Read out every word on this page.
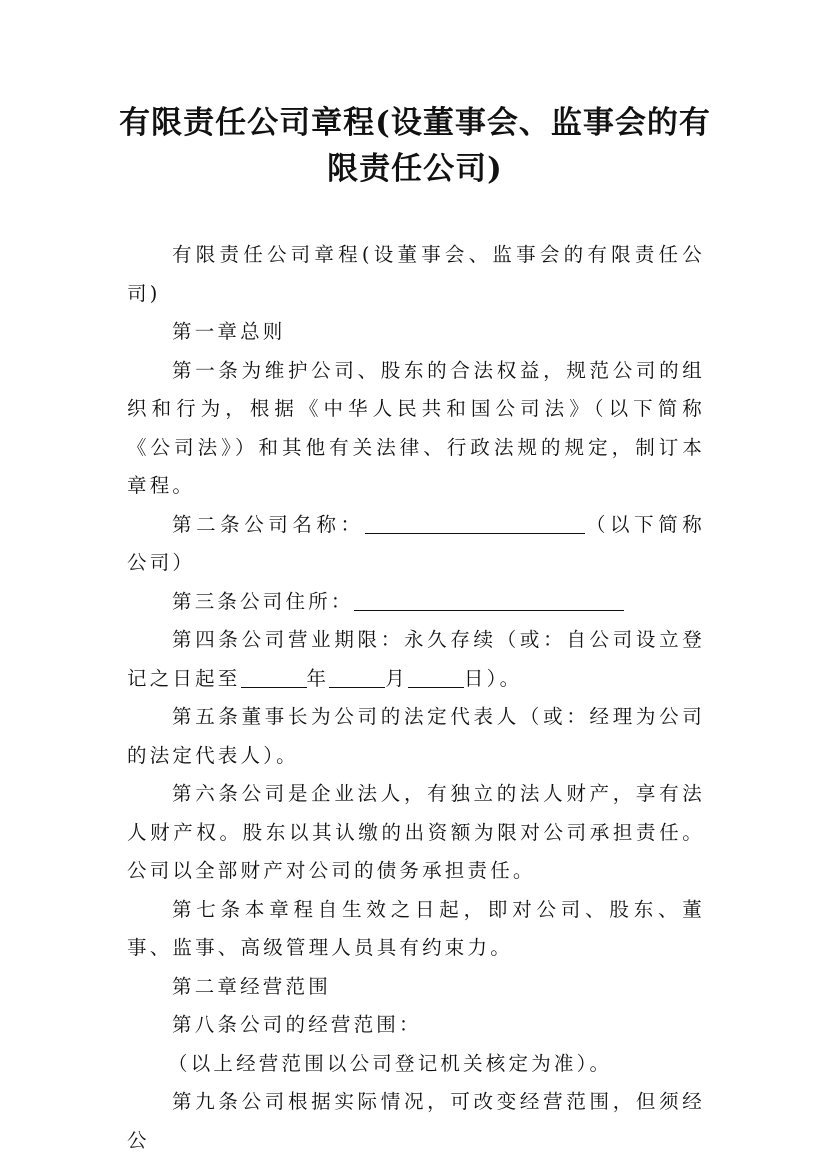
有限责任公司章程(设董事会、监事会的有
限责任公司)

有限责任公司章程(设董事会、监事会的有限责任公司)

第一章总则

第一条为维护公司、股东的合法权益，规范公司的组织和行为，根据《中华人民共和国公司法》（以下简称《公司法》）和其他有关法律、行政法规的规定，制订本章程。

第二条公司名称：	（以下简称公司）

第三条公司住所：

第四条公司营业期限：永久存续（或：自公司设立登记之日起至	年	月	日）。

第五条董事长为公司的法定代表人（或：经理为公司的法定代表人）。

第六条公司是企业法人，有独立的法人财产，享有法人财产权。股东以其认缴的出资额为限对公司承担责任。公司以全部财产对公司的债务承担责任。

第七条本章程自生效之日起，即对公司、股东、董事、监事、高级管理人员具有约束力。

第二章经营范围

第八条公司的经营范围：

（以上经营范围以公司登记机关核定为准）。

第九条公司根据实际情况，可改变经营范围，但须经公
